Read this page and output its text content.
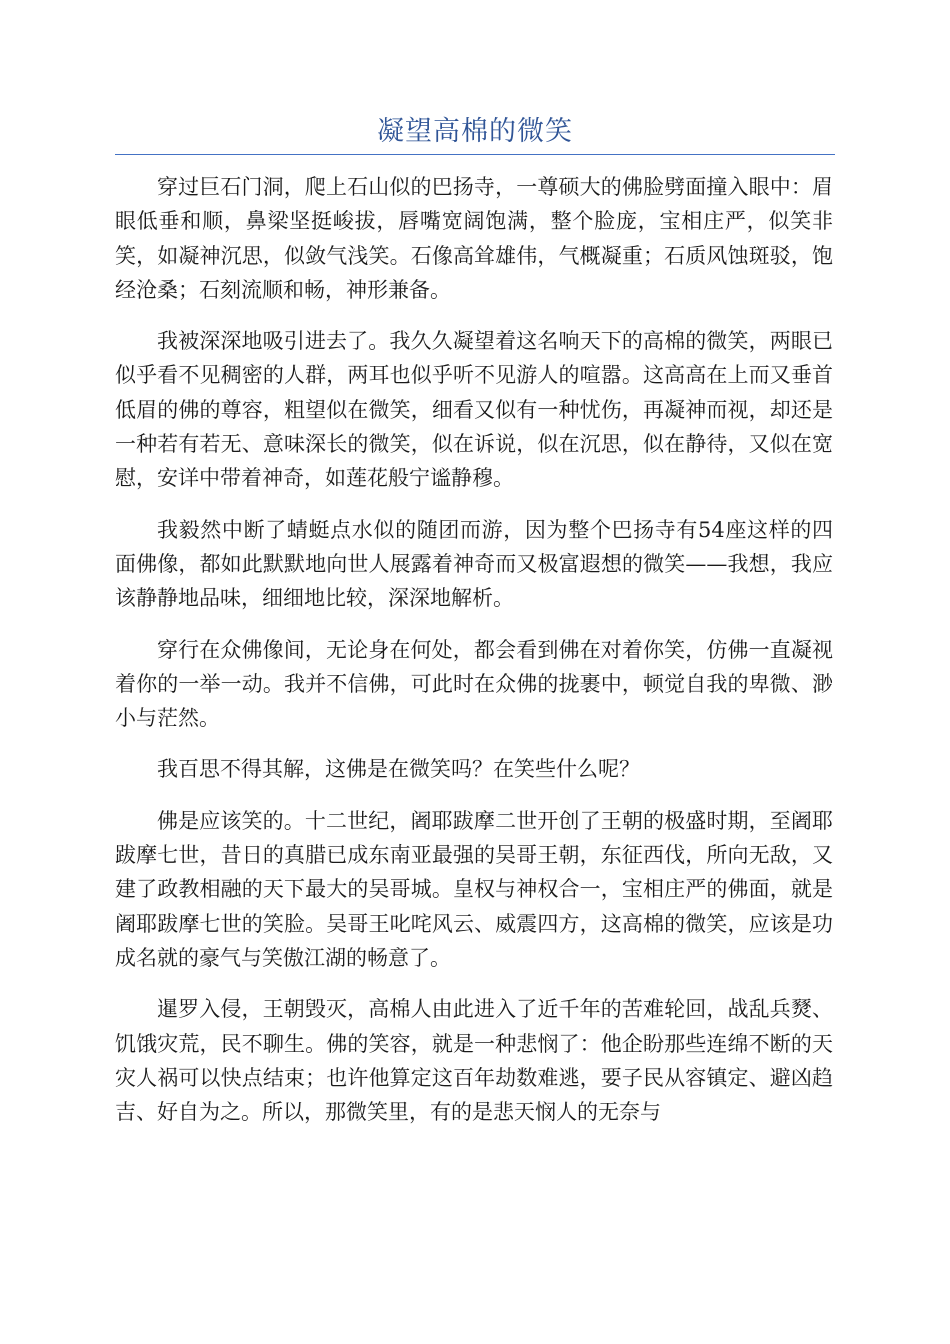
凝望高棉的微笑

穿过巨石门洞，爬上石山似的巴扬寺，一尊硕大的佛脸劈面撞入眼中：眉眼低垂和顺，鼻梁坚挺峻拔，唇嘴宽阔饱满，整个脸庞，宝相庄严，似笑非笑，如凝神沉思，似敛气浅笑。石像高耸雄伟，气概凝重；石质风蚀斑驳，饱经沧桑；石刻流顺和畅，神形兼备。

我被深深地吸引进去了。我久久凝望着这名响天下的高棉的微笑，两眼已似乎看不见稠密的人群，两耳也似乎听不见游人的喧嚣。这高高在上而又垂首低眉的佛的尊容，粗望似在微笑，细看又似有一种忧伤，再凝神而视，却还是一种若有若无、意味深长的微笑，似在诉说，似在沉思，似在静待，又似在宽慰，安详中带着神奇，如莲花般宁谧静穆。

我毅然中断了蜻蜓点水似的随团而游，因为整个巴扬寺有54座这样的四面佛像，都如此默默地向世人展露着神奇而又极富遐想的微笑——我想，我应该静静地品味，细细地比较，深深地解析。

穿行在众佛像间，无论身在何处，都会看到佛在对着你笑，仿佛一直凝视着你的一举一动。我并不信佛，可此时在众佛的拢裹中，顿觉自我的卑微、渺小与茫然。

我百思不得其解，这佛是在微笑吗？在笑些什么呢？

佛是应该笑的。十二世纪，阇耶跋摩二世开创了王朝的极盛时期，至阇耶跋摩七世，昔日的真腊已成东南亚最强的吴哥王朝，东征西伐，所向无敌，又建了政教相融的天下最大的吴哥城。皇权与神权合一，宝相庄严的佛面，就是阇耶跋摩七世的笑脸。吴哥王叱咤风云、威震四方，这高棉的微笑，应该是功成名就的豪气与笑傲江湖的畅意了。

暹罗入侵，王朝毁灭，高棉人由此进入了近千年的苦难轮回，战乱兵燹、饥饿灾荒，民不聊生。佛的笑容，就是一种悲悯了：他企盼那些连绵不断的天灾人祸可以快点结束；也许他算定这百年劫数难逃，要子民从容镇定、避凶趋吉、好自为之。所以，那微笑里，有的是悲天悯人的无奈与
